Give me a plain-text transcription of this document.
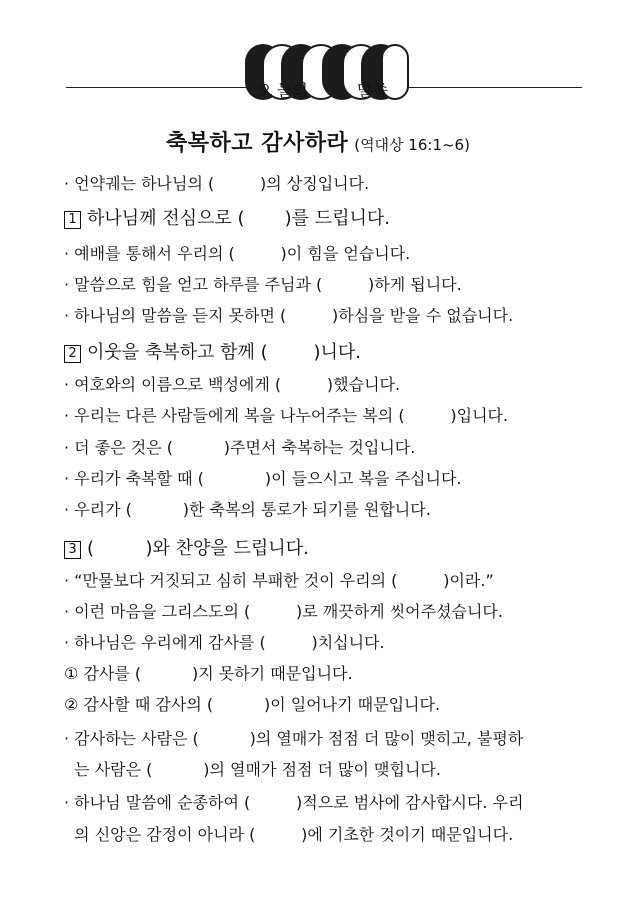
오 늘의	말씀
축복하고 감사하라 (역대상 16:1~6)
· 언약궤는 하나님의 (         )의 상징입니다.
1 하나님께 전심으로 (       )를 드립니다.
· 예배를 통해서 우리의 (         )이 힘을 얻습니다.
· 말씀으로 힘을 얻고 하루를 주님과 (         )하게 됩니다.
· 하나님의 말씀을 듣지 못하면 (         )하심을 받을 수 없습니다.
2 이웃을 축복하고 함께 (        )니다.
· 여호와의 이름으로 백성에게 (         )했습니다.
· 우리는 다른 사람들에게 복을 나누어주는 복의 (         )입니다.
· 더 좋은 것은 (          )주면서 축복하는 것입니다.
· 우리가 축복할 때 (            )이 들으시고 복을 주십니다.
· 우리가 (          )한 축복의 통로가 되기를 원합니다.
3 (         )와 찬양을 드립니다.
· “만물보다 거짓되고 심히 부패한 것이 우리의 (         )이라.”
· 이런 마음을 그리스도의 (         )로 깨끗하게 씻어주셨습니다.
· 하나님은 우리에게 감사를 (         )치십니다.
① 감사를 (          )지 못하기 때문입니다.
② 감사할 때 감사의 (          )이 일어나기 때문입니다.
· 감사하는 사람은 (          )의 열매가 점점 더 많이 맺히고, 불평하
는 사람은 (          )의 열매가 점점 더 많이 맺힙니다.
· 하나님 말씀에 순종하여 (         )적으로 범사에 감사합시다. 우리
의 신앙은 감정이 아니라 (         )에 기초한 것이기 때문입니다.
